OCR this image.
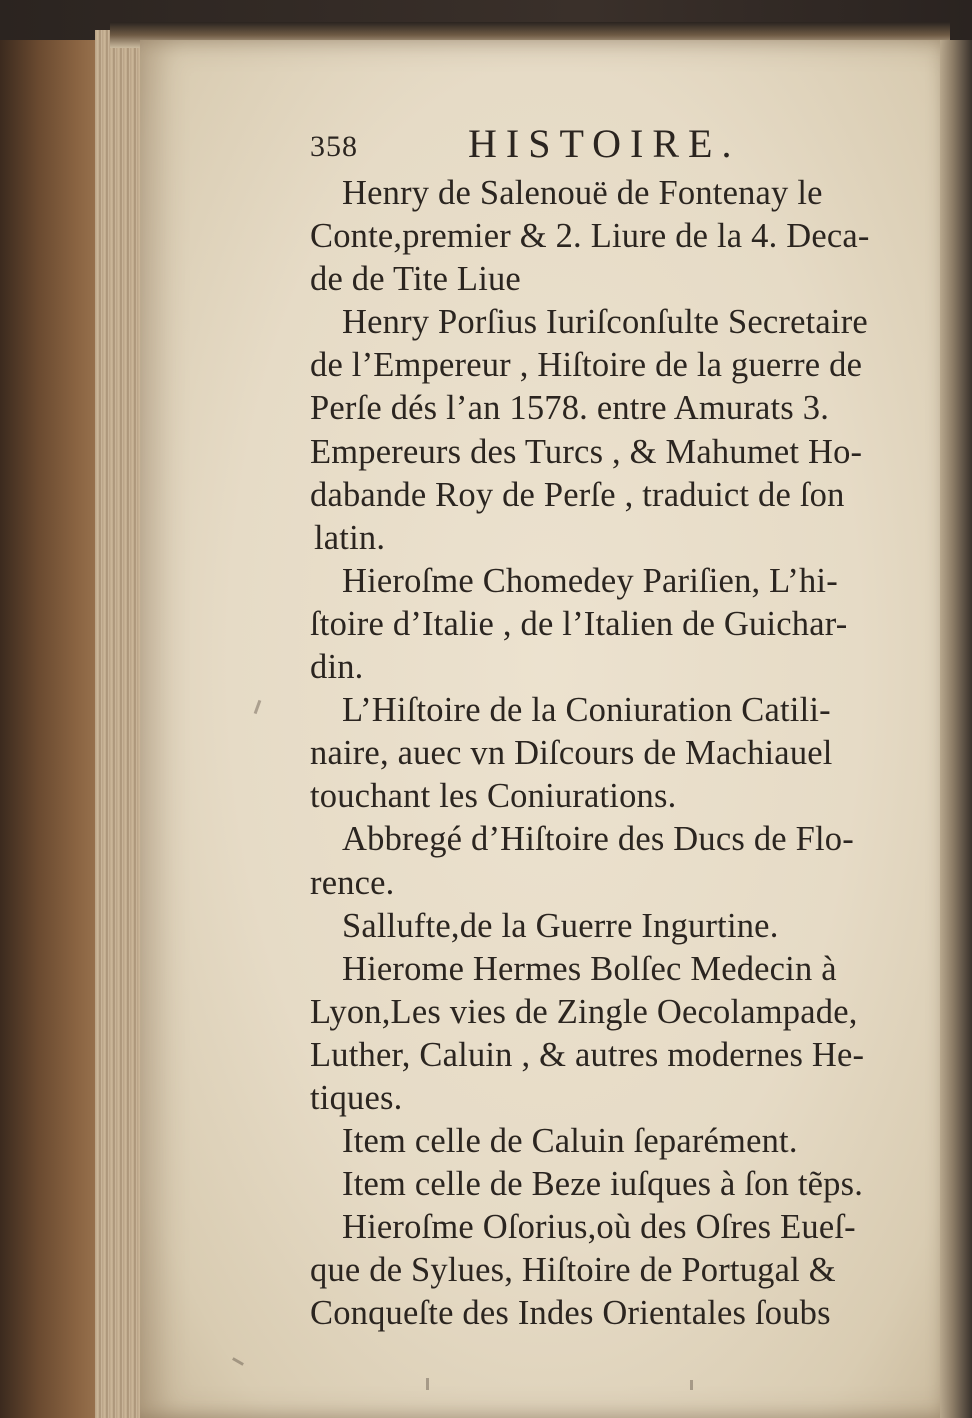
358	HISTOIRE.
Henry de Salenouë de Fontenay le
Conte,premier & 2. Liure de la 4. Deca-
de de Tite Liue
Henry Porſius Iuriſconſulte Secretaire
de l’Empereur , Hiſtoire de la guerre de
Perſe dés l’an 1578. entre Amurats 3.
Empereurs des Turcs , & Mahumet Ho-
dabande Roy de Perſe , traduict de ſon
latin.
Hieroſme Chomedey Pariſien, L’hi-
ſtoire d’Italie , de l’Italien de Guichar-
din.
L’Hiſtoire de la Coniuration Catili-
naire, auec vn Diſcours de Machiauel
touchant les Coniurations.
Abbregé d’Hiſtoire des Ducs de Flo-
rence.
Sallufte,de la Guerre Ingurtine.
Hierome Hermes Bolſec Medecin à
Lyon,Les vies de Zingle Oecolampade,
Luther, Caluin , & autres modernes He-
tiques.
Item celle de Caluin ſeparément.
Item celle de Beze iuſques à ſon tẽps.
Hieroſme Oſorius,où des Oſres Eueſ-
que de Sylues, Hiſtoire de Portugal &
Conqueſte des Indes Orientales ſoubs
